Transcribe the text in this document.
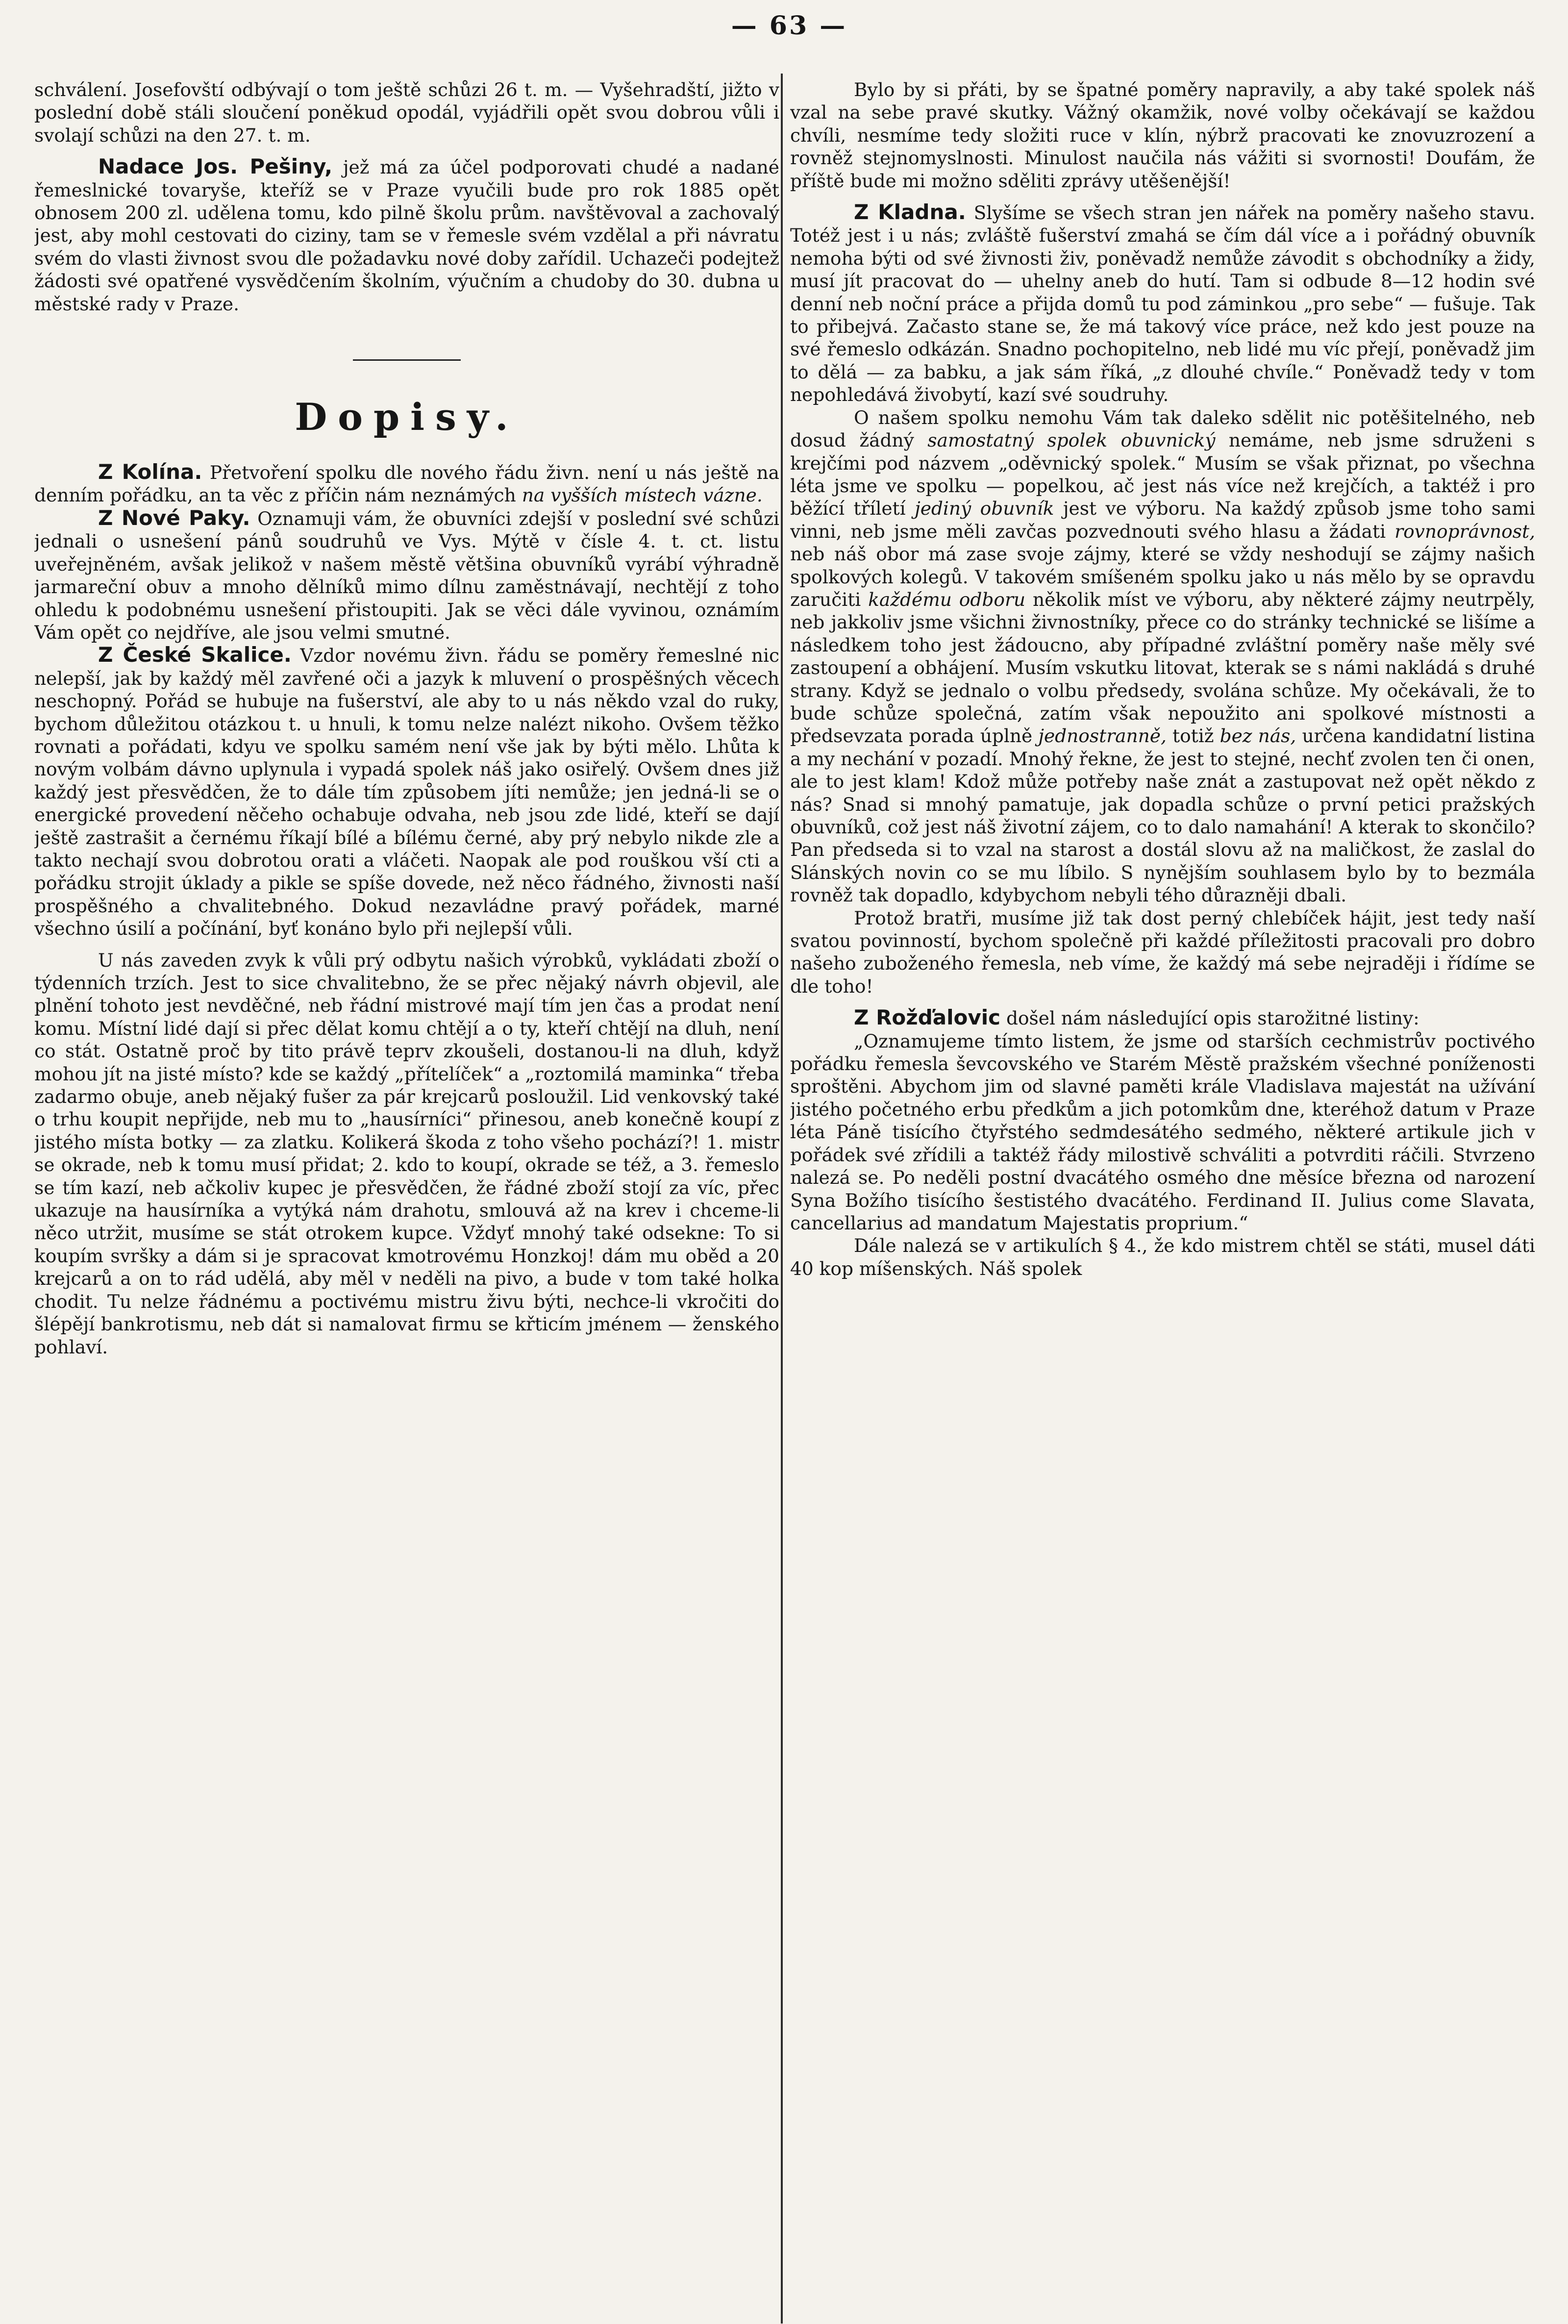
— 63 —

schválení. Josefovští odbývají o tom ještě schůzi 26 t. m. — Vyšehradští, jižto v poslední době stáli sloučení poněkud opodál, vyjádřili opět svou dobrou vůli i svolají schůzi na den 27. t. m.

Nadace Jos. Pešiny, jež má za účel podporovati chudé a nadané řemeslnické tovaryše, kteříž se v Praze vyučili bude pro rok 1885 opět obnosem 200 zl. udělena tomu, kdo pilně školu prům. navštěvoval a zachovalý jest, aby mohl cestovati do ciziny, tam se v řemesle svém vzdělal a při návratu svém do vlasti živnost svou dle požadavku nové doby zařídil. Uchazeči podejtež žádosti své opatřené vysvědčením školním, výučním a chudoby do 30. dubna u městské rady v Praze.

Dopisy.

Z Kolína. Přetvoření spolku dle nového řádu živn. není u nás ještě na denním pořádku, an ta věc z příčin nám neznámých na vyšších místech vázne.

Z Nové Paky. Oznamuji vám, že obuvníci zdejší v poslední své schůzi jednali o usnešení pánů soudruhů ve Vys. Mýtě v čísle 4. t. ct. listu uveřejněném, avšak jelikož v našem městě většina obuvníků vyrábí výhradně jarmareční obuv a mnoho dělníků mimo dílnu zaměstnávají, nechtějí z toho ohledu k podobnému usnešení přistoupiti. Jak se věci dále vyvinou, oznámím Vám opět co nejdříve, ale jsou velmi smutné.

Z České Skalice. Vzdor novému živn. řádu se poměry řemeslné nic nelepší, jak by každý měl zavřené oči a jazyk k mluvení o prospěšných věcech neschopný. Pořád se hubuje na fušerství, ale aby to u nás někdo vzal do ruky, bychom důležitou otázkou t. u hnuli, k tomu nelze nalézt nikoho. Ovšem těžko rovnati a pořádati, kdyu ve spolku samém není vše jak by býti mělo. Lhůta k novým volbám dávno uplynula i vypadá spolek náš jako osiřelý. Ovšem dnes již každý jest přesvědčen, že to dále tím způsobem jíti nemůže; jen jedná-li se o energické provedení něčeho ochabuje odvaha, neb jsou zde lidé, kteří se dají ještě zastrašit a černému říkají bílé a bílému černé, aby prý nebylo nikde zle a takto nechají svou dobrotou orati a vláčeti. Naopak ale pod rouškou vší cti a pořádku strojit úklady a pikle se spíše dovede, než něco řádného, živnosti naší prospěšného a chvalitebného. Dokud nezavládne pravý pořádek, marné všechno úsilí a počínání, byť konáno bylo při nejlepší vůli.

U nás zaveden zvyk k vůli prý odbytu našich výrobků, vykládati zboží o týdenních trzích. Jest to sice chvalitebno, že se přec nějaký návrh objevil, ale plnění tohoto jest nevděčné, neb řádní mistrové mají tím jen čas a prodat není komu. Místní lidé dají si přec dělat komu chtějí a o ty, kteří chtějí na dluh, není co stát. Ostatně proč by tito právě teprv zkoušeli, dostanou-li na dluh, když mohou jít na jisté místo? kde se každý „přítelíček“ a „roztomilá maminka“ třeba zadarmo obuje, aneb nějaký fušer za pár krejcarů posloužil. Lid venkovský také o trhu koupit nepřijde, neb mu to „hausírníci“ přinesou, aneb konečně koupí z jistého místa botky — za zlatku. Kolikerá škoda z toho všeho pochází?! 1. mistr se okrade, neb k tomu musí přidat; 2. kdo to koupí, okrade se též, a 3. řemeslo se tím kazí, neb ačkoliv kupec je přesvědčen, že řádné zboží stojí za víc, přec ukazuje na hausírníka a vytýká nám drahotu, smlouvá až na krev i chceme-li něco utržit, musíme se stát otrokem kupce. Vždyť mnohý také odsekne: To si koupím svršky a dám si je spracovat kmotrovému Honzkoj! dám mu oběd a 20 krejcarů a on to rád udělá, aby měl v neděli na pivo, a bude v tom také holka chodit. Tu nelze řádnému a poctivému mistru živu býti, nechce-li vkročiti do šlépějí bankrotismu, neb dát si namalovat firmu se křticím jménem — ženského pohlaví.

Bylo by si přáti, by se špatné poměry napravily, a aby také spolek náš vzal na sebe pravé skutky. Vážný okamžik, nové volby očekávají se každou chvíli, nesmíme tedy složiti ruce v klín, nýbrž pracovati ke znovuzrození a rovněž stejnomyslnosti. Minulost naučila nás vážiti si svornosti! Doufám, že příště bude mi možno sděliti zprávy utěšenější!

Z Kladna. Slyšíme se všech stran jen nářek na poměry našeho stavu. Totéž jest i u nás; zvláště fušerství zmahá se čím dál více a i pořádný obuvník nemoha býti od své živnosti živ, poněvadž nemůže závodit s obchodníky a židy, musí jít pracovat do — uhelny aneb do hutí. Tam si odbude 8—12 hodin své denní neb noční práce a přijda domů tu pod záminkou „pro sebe“ — fušuje. Tak to přibejvá. Začasto stane se, že má takový více práce, než kdo jest pouze na své řemeslo odkázán. Snadno pochopitelno, neb lidé mu víc přejí, poněvadž jim to dělá — za babku, a jak sám říká, „z dlouhé chvíle.“ Poněvadž tedy v tom nepohledává živobytí, kazí své soudruhy.

O našem spolku nemohu Vám tak daleko sdělit nic potěšitelného, neb dosud žádný samostatný spolek obuvnický nemáme, neb jsme sdruženi s krejčími pod názvem „oděvnický spolek.“ Musím se však přiznat, po všechna léta jsme ve spolku — popelkou, ač jest nás více než krejčích, a taktéž i pro běžící tříletí jediný obuvník jest ve výboru. Na každý způsob jsme toho sami vinni, neb jsme měli zavčas pozvednouti svého hlasu a žádati rovnoprávnost, neb náš obor má zase svoje zájmy, které se vždy neshodují se zájmy našich spolkových kolegů. V takovém smíšeném spolku jako u nás mělo by se opravdu zaručiti každému odboru několik míst ve výboru, aby některé zájmy neutrpěly, neb jakkoliv jsme všichni živnostníky, přece co do stránky technické se lišíme a následkem toho jest žádoucno, aby případné zvláštní poměry naše měly své zastoupení a obhájení. Musím vskutku litovat, kterak se s námi nakládá s druhé strany. Když se jednalo o volbu předsedy, svolána schůze. My očekávali, že to bude schůze společná, zatím však nepoužito ani spolkové místnosti a předsevzata porada úplně jednostranně, totiž bez nás, určena kandidatní listina a my nechání v pozadí. Mnohý řekne, že jest to stejné, nechť zvolen ten či onen, ale to jest klam! Kdož může potřeby naše znát a zastupovat než opět někdo z nás? Snad si mnohý pamatuje, jak dopadla schůze o první petici pražských obuvníků, což jest náš životní zájem, co to dalo namahání! A kterak to skončilo? Pan předseda si to vzal na starost a dostál slovu až na maličkost, že zaslal do Slánských novin co se mu líbilo. S nynějším souhlasem bylo by to bezmála rovněž tak dopadlo, kdybychom nebyli tého důrazněji dbali.

Protož bratři, musíme již tak dost perný chlebíček hájit, jest tedy naší svatou povinností, bychom společně při každé příležitosti pracovali pro dobro našeho zuboženého řemesla, neb víme, že každý má sebe nejraději i řídíme se dle toho!

Z Rožďalovic došel nám následující opis starožitné listiny:

„Oznamujeme tímto listem, že jsme od starších cechmistrův poctivého pořádku řemesla ševcovského ve Starém Městě pražském všechné poníženosti sproštěni. Abychom jim od slavné paměti krále Vladislava majestát na užívání jistého početného erbu předkům a jich potomkům dne, kteréhož datum v Praze léta Páně tisícího čtyřstého sedmdesátého sedmého, některé artikule jich v pořádek své zřídili a taktéž řády milostivě schváliti a potvrditi ráčili. Stvrzeno nalezá se. Po neděli postní dvacátého osmého dne měsíce března od narození Syna Božího tisícího šestistého dvacátého. Ferdinand II. Julius come Slavata, cancellarius ad mandatum Majestatis proprium.“

Dále nalezá se v artikulích § 4., že kdo mistrem chtěl se státi, musel dáti 40 kop míšenských. Náš spolek
